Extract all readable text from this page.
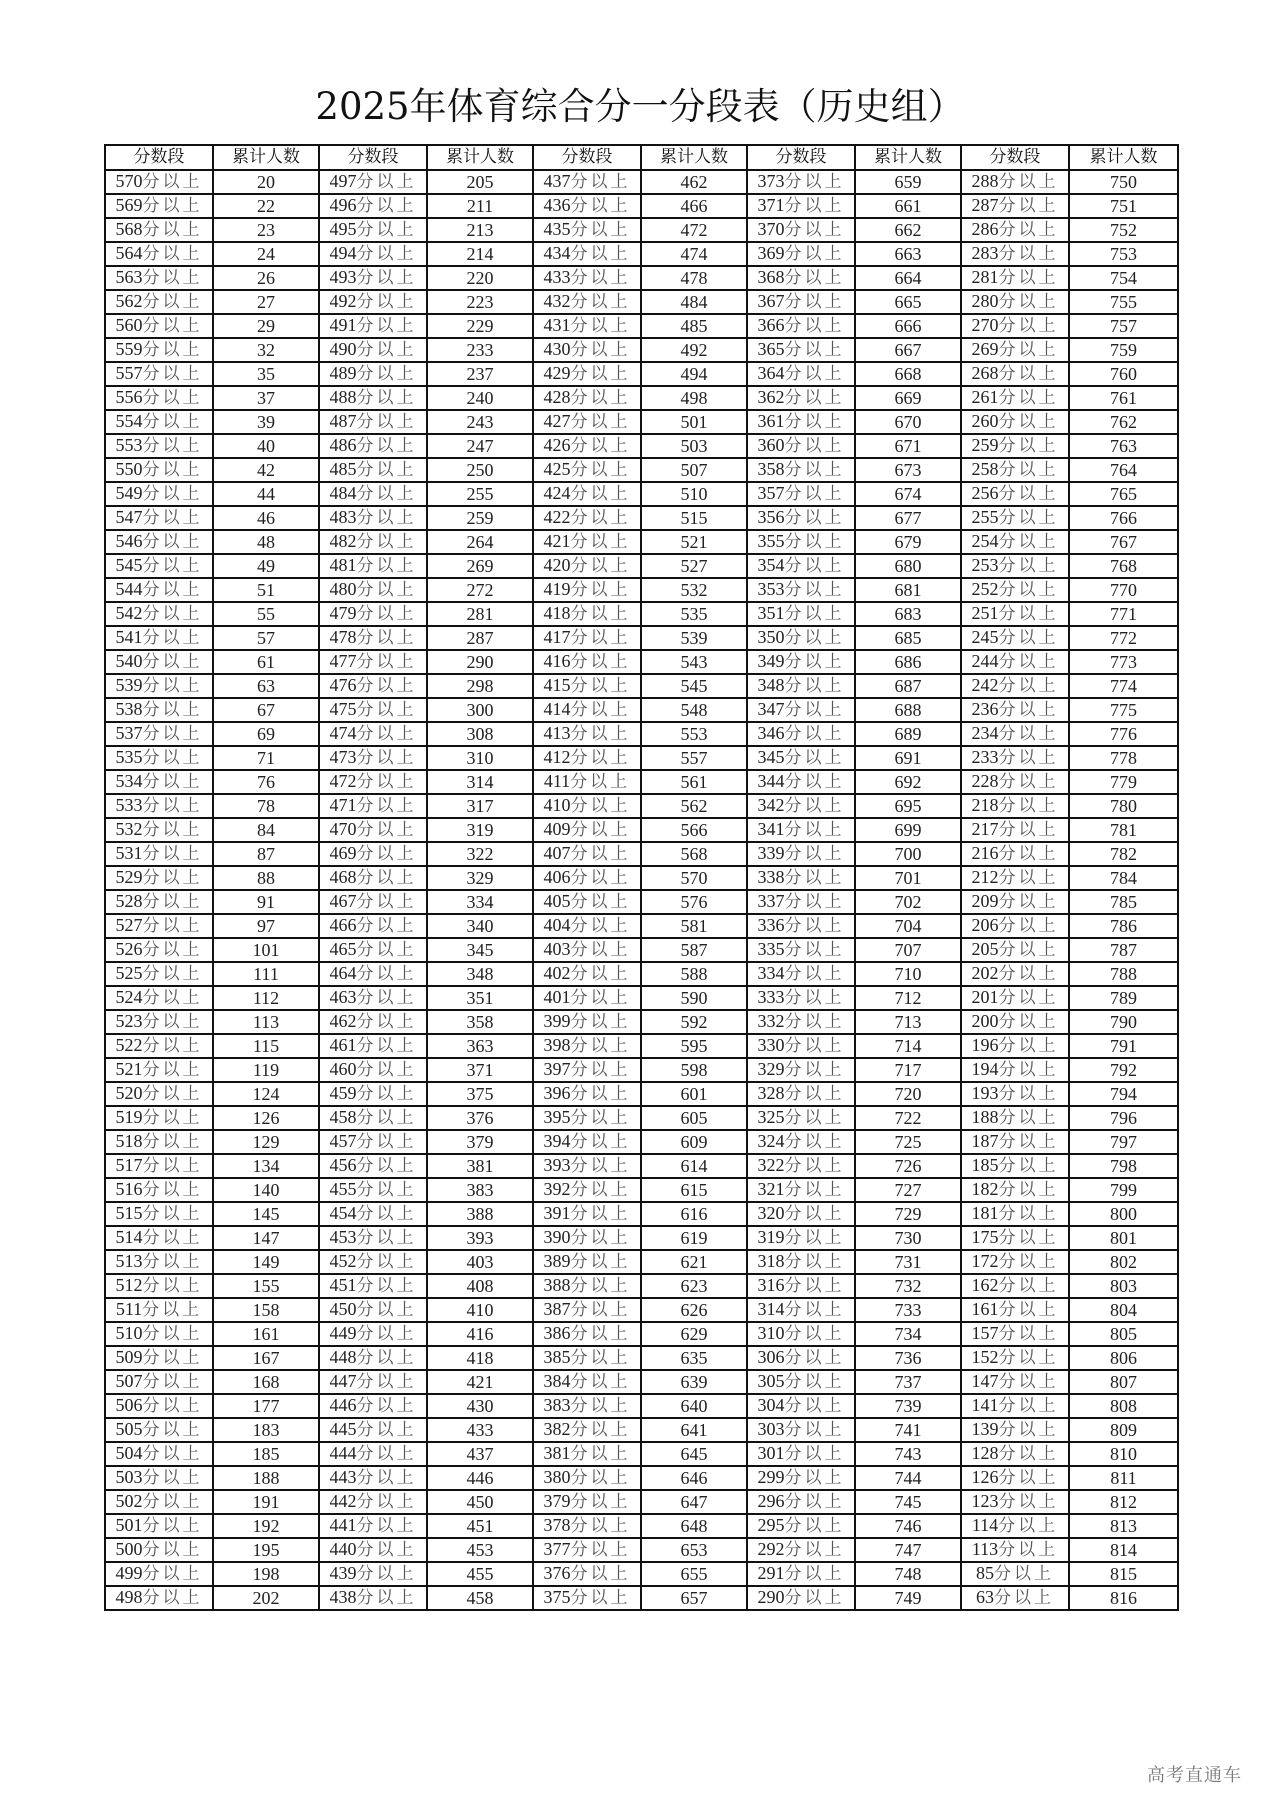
2025年体育综合分一分段表（历史组）
分数段	累计人数	分数段	累计人数	分数段	累计人数	分数段	累计人数	分数段	累计人数
570分以上	20	497分以上	205	437分以上	462	373分以上	659	288分以上	750
569分以上	22	496分以上	211	436分以上	466	371分以上	661	287分以上	751
568分以上	23	495分以上	213	435分以上	472	370分以上	662	286分以上	752
564分以上	24	494分以上	214	434分以上	474	369分以上	663	283分以上	753
563分以上	26	493分以上	220	433分以上	478	368分以上	664	281分以上	754
562分以上	27	492分以上	223	432分以上	484	367分以上	665	280分以上	755
560分以上	29	491分以上	229	431分以上	485	366分以上	666	270分以上	757
559分以上	32	490分以上	233	430分以上	492	365分以上	667	269分以上	759
557分以上	35	489分以上	237	429分以上	494	364分以上	668	268分以上	760
556分以上	37	488分以上	240	428分以上	498	362分以上	669	261分以上	761
554分以上	39	487分以上	243	427分以上	501	361分以上	670	260分以上	762
553分以上	40	486分以上	247	426分以上	503	360分以上	671	259分以上	763
550分以上	42	485分以上	250	425分以上	507	358分以上	673	258分以上	764
549分以上	44	484分以上	255	424分以上	510	357分以上	674	256分以上	765
547分以上	46	483分以上	259	422分以上	515	356分以上	677	255分以上	766
546分以上	48	482分以上	264	421分以上	521	355分以上	679	254分以上	767
545分以上	49	481分以上	269	420分以上	527	354分以上	680	253分以上	768
544分以上	51	480分以上	272	419分以上	532	353分以上	681	252分以上	770
542分以上	55	479分以上	281	418分以上	535	351分以上	683	251分以上	771
541分以上	57	478分以上	287	417分以上	539	350分以上	685	245分以上	772
540分以上	61	477分以上	290	416分以上	543	349分以上	686	244分以上	773
539分以上	63	476分以上	298	415分以上	545	348分以上	687	242分以上	774
538分以上	67	475分以上	300	414分以上	548	347分以上	688	236分以上	775
537分以上	69	474分以上	308	413分以上	553	346分以上	689	234分以上	776
535分以上	71	473分以上	310	412分以上	557	345分以上	691	233分以上	778
534分以上	76	472分以上	314	411分以上	561	344分以上	692	228分以上	779
533分以上	78	471分以上	317	410分以上	562	342分以上	695	218分以上	780
532分以上	84	470分以上	319	409分以上	566	341分以上	699	217分以上	781
531分以上	87	469分以上	322	407分以上	568	339分以上	700	216分以上	782
529分以上	88	468分以上	329	406分以上	570	338分以上	701	212分以上	784
528分以上	91	467分以上	334	405分以上	576	337分以上	702	209分以上	785
527分以上	97	466分以上	340	404分以上	581	336分以上	704	206分以上	786
526分以上	101	465分以上	345	403分以上	587	335分以上	707	205分以上	787
525分以上	111	464分以上	348	402分以上	588	334分以上	710	202分以上	788
524分以上	112	463分以上	351	401分以上	590	333分以上	712	201分以上	789
523分以上	113	462分以上	358	399分以上	592	332分以上	713	200分以上	790
522分以上	115	461分以上	363	398分以上	595	330分以上	714	196分以上	791
521分以上	119	460分以上	371	397分以上	598	329分以上	717	194分以上	792
520分以上	124	459分以上	375	396分以上	601	328分以上	720	193分以上	794
519分以上	126	458分以上	376	395分以上	605	325分以上	722	188分以上	796
518分以上	129	457分以上	379	394分以上	609	324分以上	725	187分以上	797
517分以上	134	456分以上	381	393分以上	614	322分以上	726	185分以上	798
516分以上	140	455分以上	383	392分以上	615	321分以上	727	182分以上	799
515分以上	145	454分以上	388	391分以上	616	320分以上	729	181分以上	800
514分以上	147	453分以上	393	390分以上	619	319分以上	730	175分以上	801
513分以上	149	452分以上	403	389分以上	621	318分以上	731	172分以上	802
512分以上	155	451分以上	408	388分以上	623	316分以上	732	162分以上	803
511分以上	158	450分以上	410	387分以上	626	314分以上	733	161分以上	804
510分以上	161	449分以上	416	386分以上	629	310分以上	734	157分以上	805
509分以上	167	448分以上	418	385分以上	635	306分以上	736	152分以上	806
507分以上	168	447分以上	421	384分以上	639	305分以上	737	147分以上	807
506分以上	177	446分以上	430	383分以上	640	304分以上	739	141分以上	808
505分以上	183	445分以上	433	382分以上	641	303分以上	741	139分以上	809
504分以上	185	444分以上	437	381分以上	645	301分以上	743	128分以上	810
503分以上	188	443分以上	446	380分以上	646	299分以上	744	126分以上	811
502分以上	191	442分以上	450	379分以上	647	296分以上	745	123分以上	812
501分以上	192	441分以上	451	378分以上	648	295分以上	746	114分以上	813
500分以上	195	440分以上	453	377分以上	653	292分以上	747	113分以上	814
499分以上	198	439分以上	455	376分以上	655	291分以上	748	85分以上	815
498分以上	202	438分以上	458	375分以上	657	290分以上	749	63分以上	816
高考直通车
